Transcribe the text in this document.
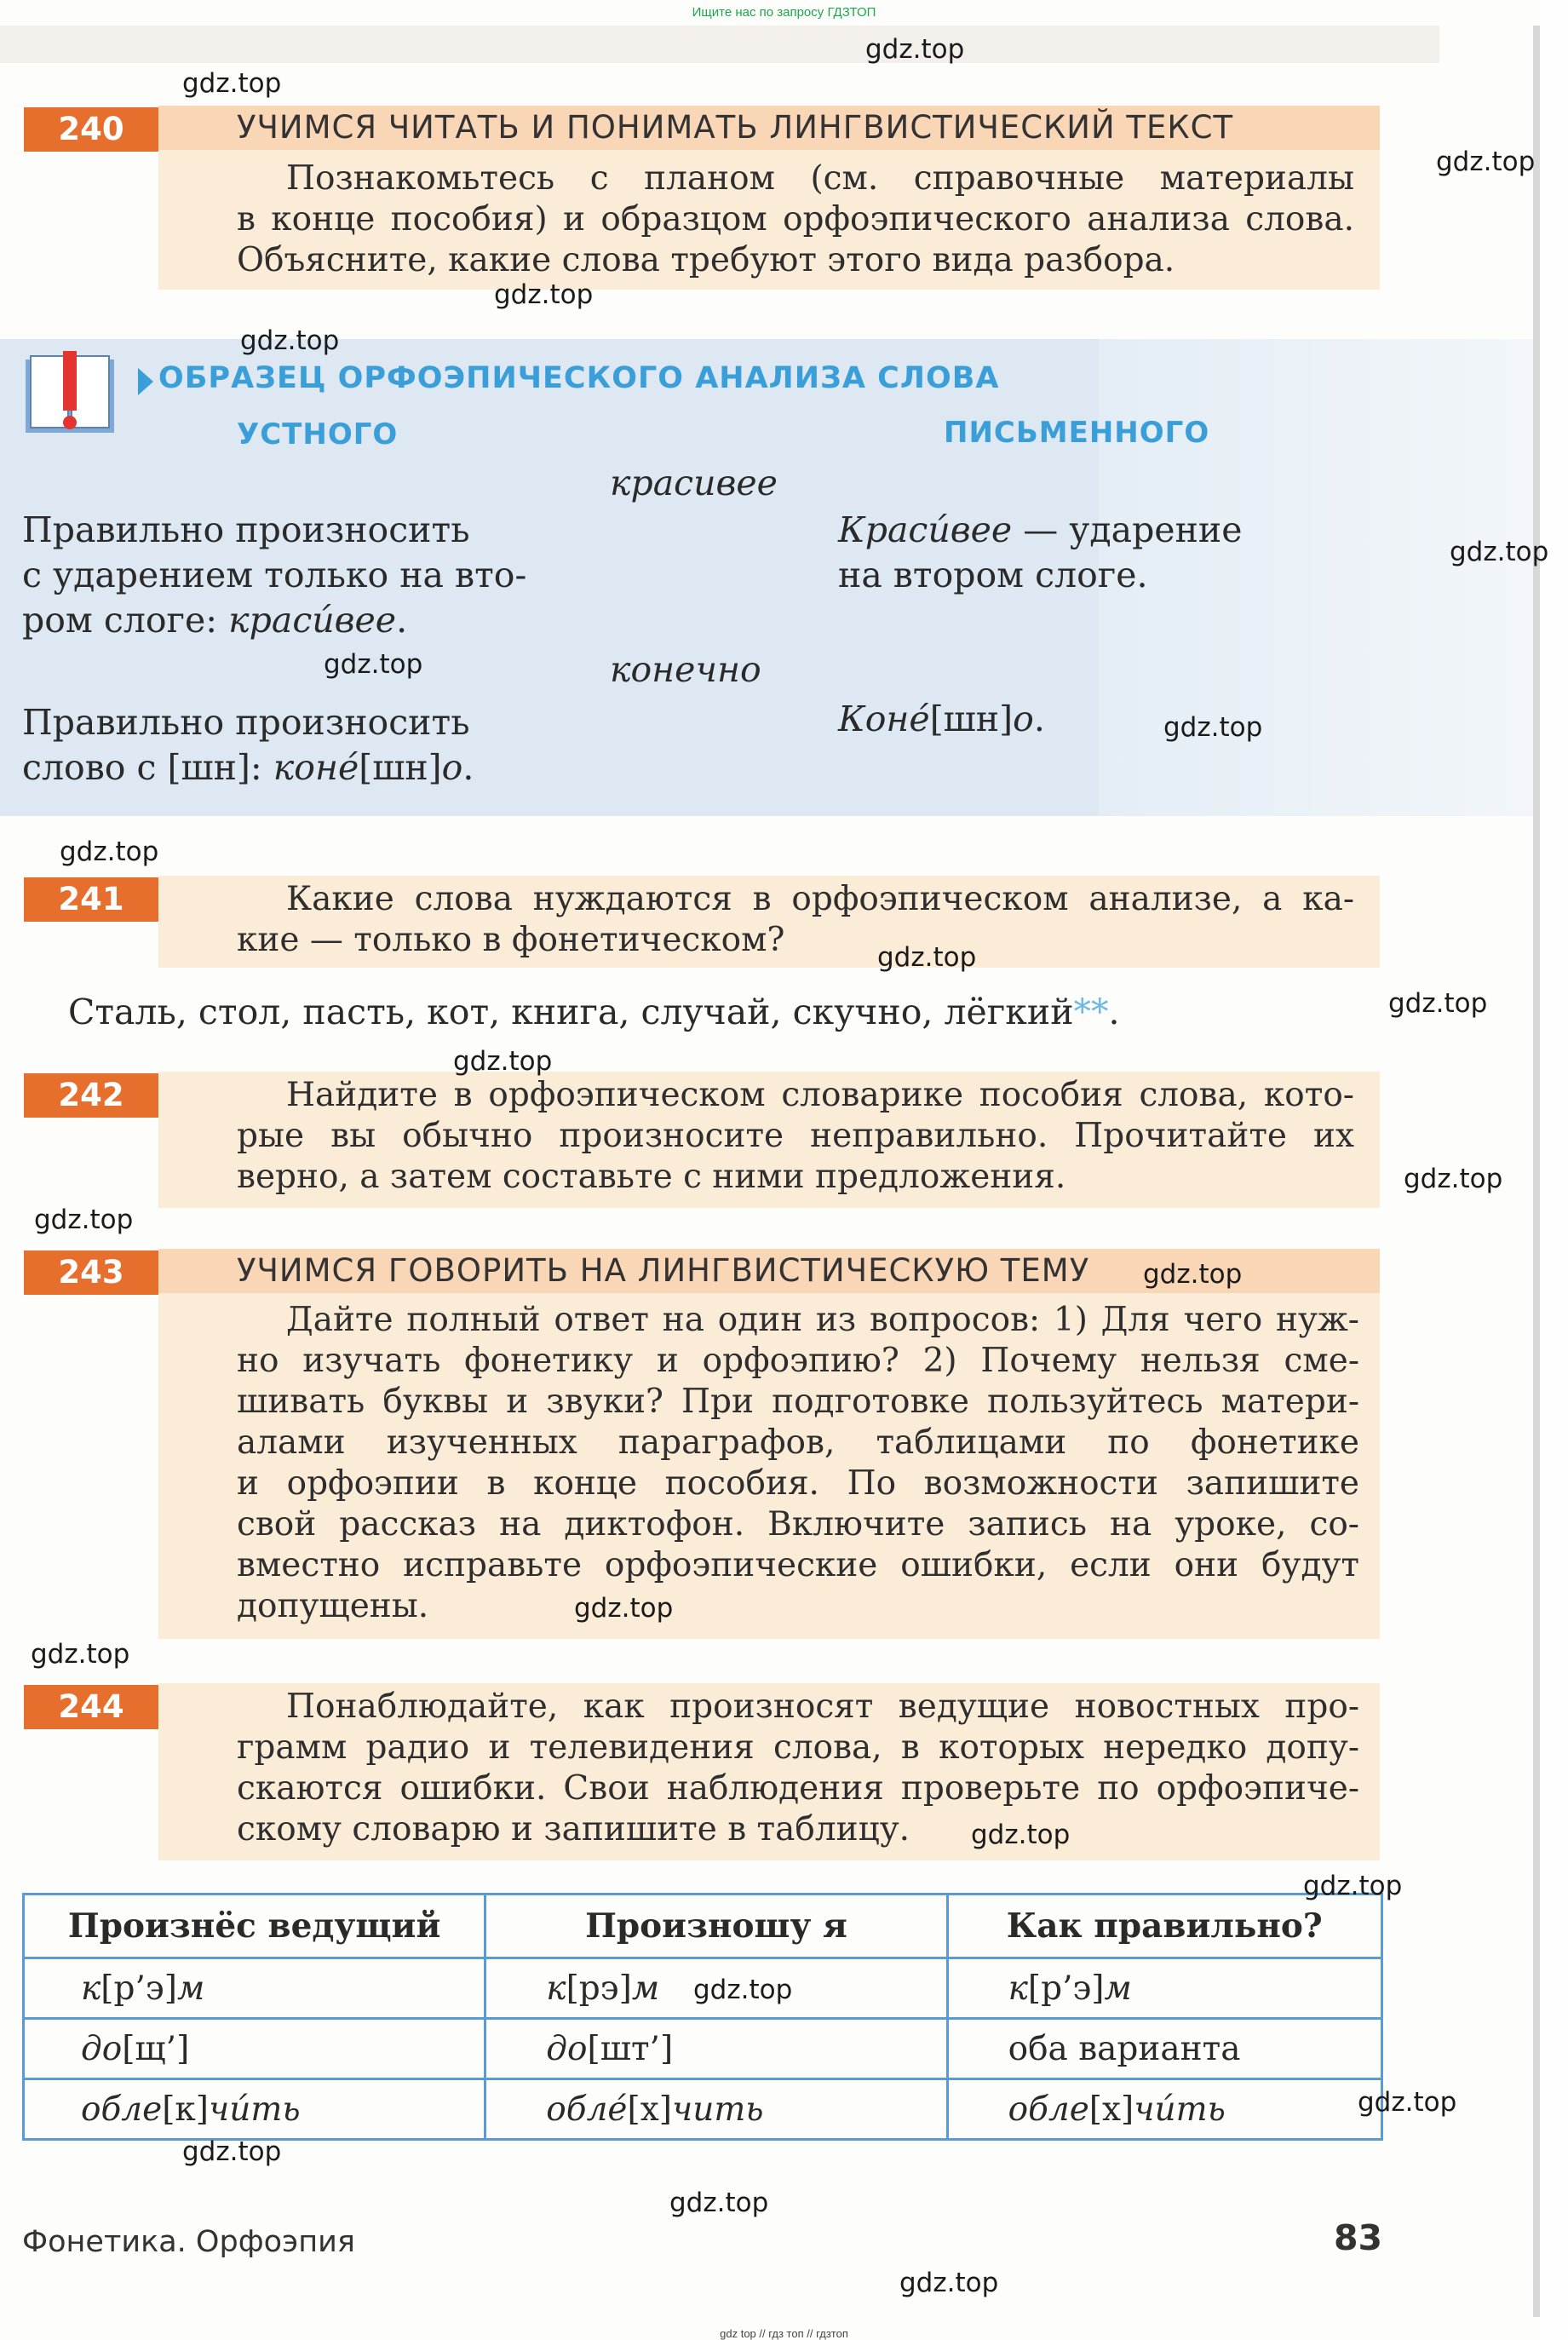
240	УЧИМСЯ ЧИТАТЬ И ПОНИМАТЬ ЛИНГВИСТИЧЕСКИЙ ТЕКСТ
Познакомьтесь с планом (см. справочные материалы
в конце пособия) и образцом орфоэпического анализа слова.
Объясните, какие слова требуют этого вида разбора.
ОБРАЗЕЦ ОРФОЭПИЧЕСКОГО АНАЛИЗА СЛОВА
УСТНОГО	ПИСЬМЕННОГО
красивее
Правильно произносить
с ударением только на вто-
ром слоге: красúвее.
Красúвее — ударение
на втором слоге.
конечно
Правильно произносить
слово с [шн]: конé[шн]о.
Конé[шн]о.
241	Какие слова нуждаются в орфоэпическом анализе, а ка-
кие — только в фонетическом?
Сталь, стол, пасть, кот, книга, случай, скучно, лёгкий**.
242	Найдите в орфоэпическом словарике пособия слова, кото-
рые вы обычно произносите неправильно. Прочитайте их
верно, а затем составьте с ними предложения.
243	УЧИМСЯ ГОВОРИТЬ НА ЛИНГВИСТИЧЕСКУЮ ТЕМУ
Дайте полный ответ на один из вопросов: 1) Для чего нуж-
но изучать фонетику и орфоэпию? 2) Почему нельзя сме-
шивать буквы и звуки? При подготовке пользуйтесь матери-
алами изученных параграфов, таблицами по фонетике
и орфоэпии в конце пособия. По возможности запишите
свой рассказ на диктофон. Включите запись на уроке, со-
вместно исправьте орфоэпические ошибки, если они будут
допущены.
244	Понаблюдайте, как произносят ведущие новостных про-
грамм радио и телевидения слова, в которых нередко допу-
скаются ошибки. Свои наблюдения проверьте по орфоэпиче-
скому словарю и запишите в таблицу.
Произнёс ведущий	Произношу я	Как правильно?
к[р’э]м	к[рэ]м	к[р’э]м
до[щ’]	до[шт’]	оба варианта
обле[к]чúть	облé[х]чить	обле[х]чúть
Фонетика. Орфоэпия	83
Ищите нас по запросу ГДЗТОП
gdz top // гдз топ // гдзтоп
gdz.top
gdz.top
gdz.top
gdz.top
gdz.top
gdz.top
gdz.top
gdz.top
gdz.top
gdz.top
gdz.top
gdz.top
gdz.top
gdz.top
gdz.top
gdz.top
gdz.top
gdz.top
gdz.top
gdz.top
gdz.top
gdz.top
gdz.top
gdz.top
